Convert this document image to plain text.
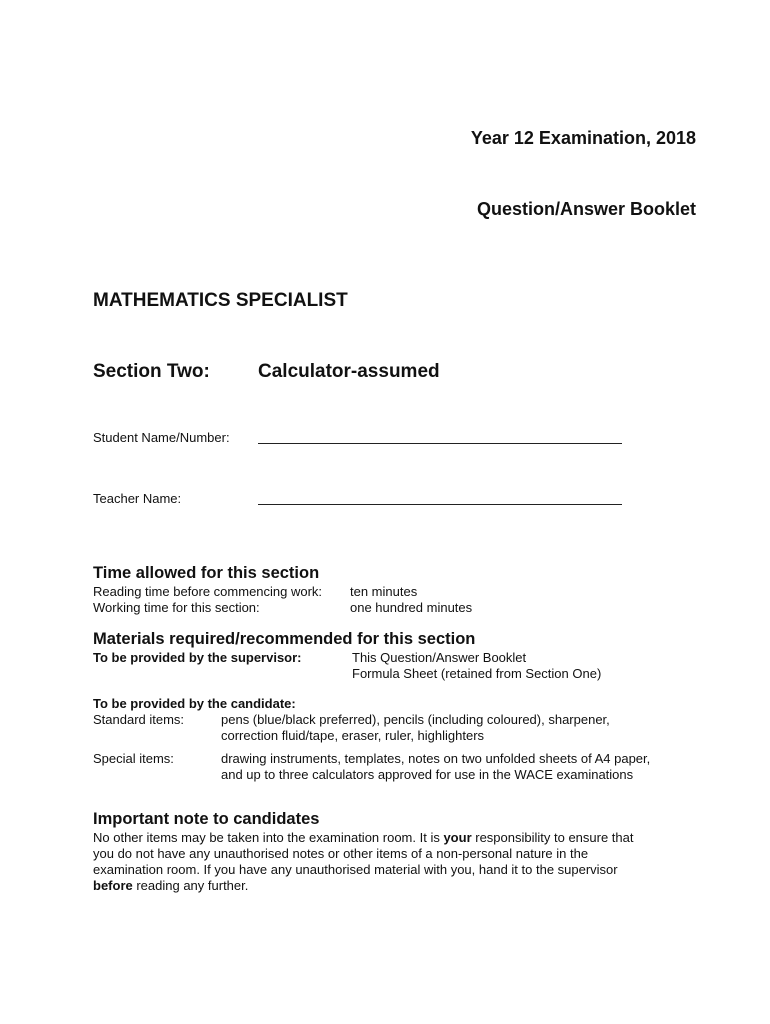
Year 12 Examination, 2018
Question/Answer Booklet
MATHEMATICS SPECIALIST
Section Two:	Calculator-assumed
Student Name/Number:
Teacher Name:
Time allowed for this section
Reading time before commencing work: ten minutes
Working time for this section:	one hundred minutes
Materials required/recommended for this section
To be provided by the supervisor:	This Question/Answer Booklet
Formula Sheet (retained from Section One)
To be provided by the candidate:
Standard items:	pens (blue/black preferred), pencils (including coloured), sharpener,
correction fluid/tape, eraser, ruler, highlighters
Special items:	drawing instruments, templates, notes on two unfolded sheets of A4 paper,
and up to three calculators approved for use in the WACE examinations
Important note to candidates
No other items may be taken into the examination room. It is your responsibility to ensure that
you do not have any unauthorised notes or other items of a non-personal nature in the
examination room. If you have any unauthorised material with you, hand it to the supervisor
before reading any further.
